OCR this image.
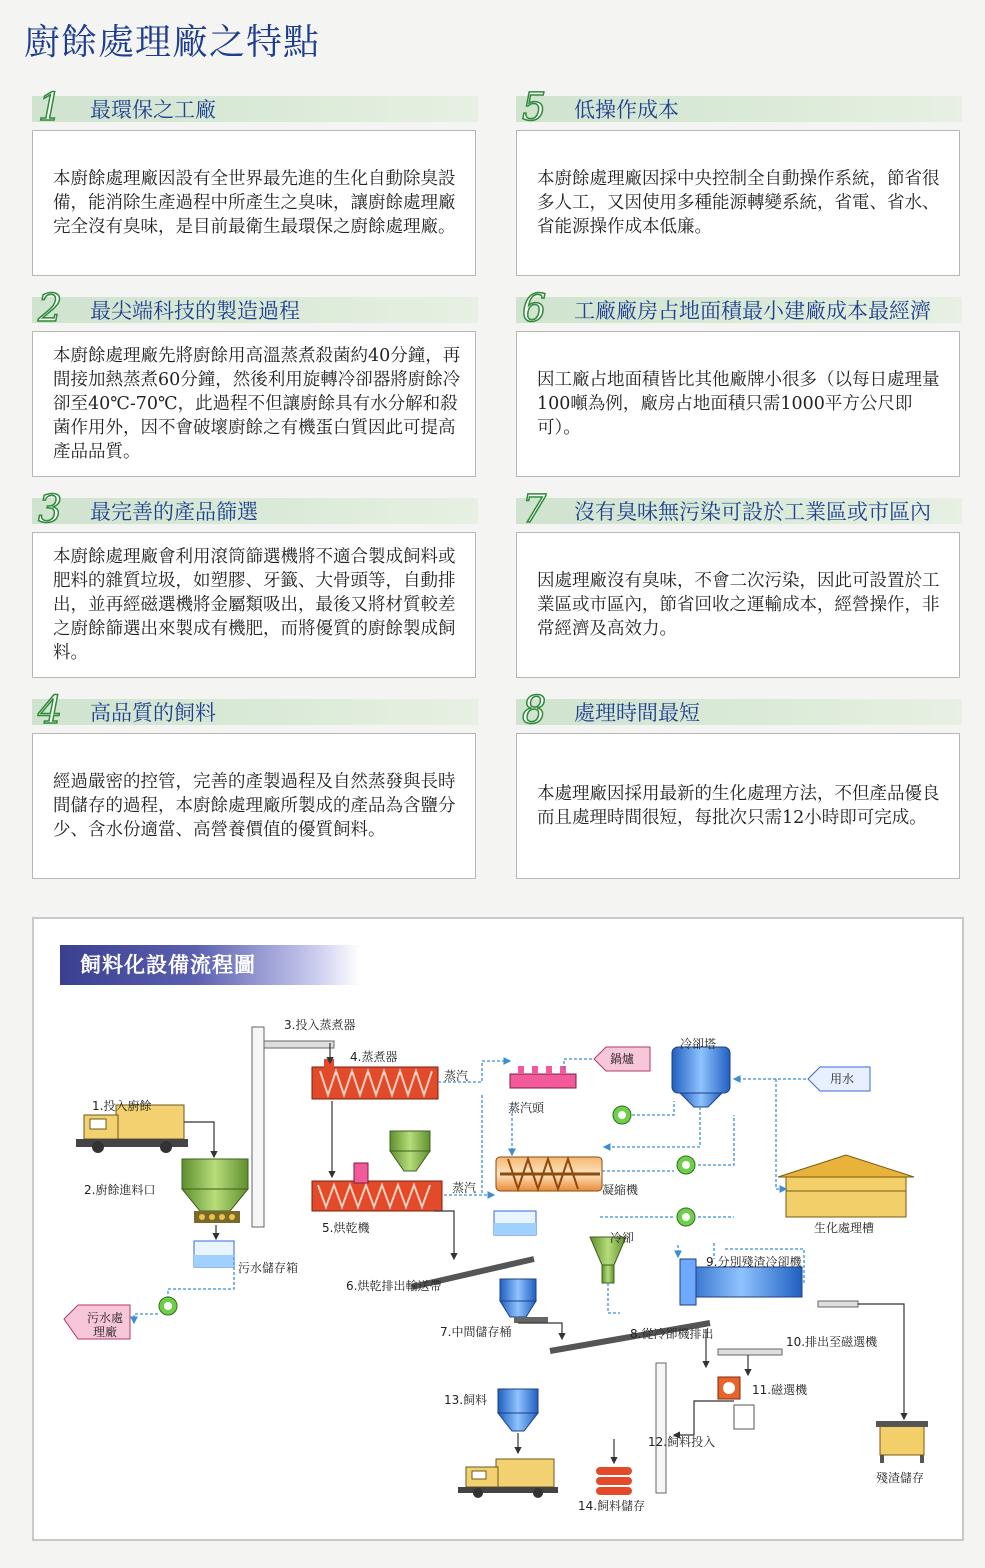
廚餘處理廠之特點
1 最環保之工廠
本廚餘處理廠因設有全世界最先進的生化自動除臭設備，能消除生產過程中所產生之臭味，讓廚餘處理廠完全沒有臭味，是目前最衛生最環保之廚餘處理廠。
2 最尖端科技的製造過程
本廚餘處理廠先將廚餘用高溫蒸煮殺菌約40分鐘，再間接加熱蒸煮60分鐘，然後利用旋轉冷卻器將廚餘冷卻至40℃-70℃，此過程不但讓廚餘具有水分解和殺菌作用外，因不會破壞廚餘之有機蛋白質因此可提高產品品質。
3 最完善的產品篩選
本廚餘處理廠會利用滾筒篩選機將不適合製成飼料或肥料的雜質垃圾，如塑膠、牙籤、大骨頭等，自動排出，並再經磁選機將金屬類吸出，最後又將材質較差之廚餘篩選出來製成有機肥，而將優質的廚餘製成飼料。
4 高品質的飼料
經過嚴密的控管，完善的產製過程及自然蒸發與長時間儲存的過程，本廚餘處理廠所製成的產品為含鹽分少、含水份適當、高營養價值的優質飼料。
5 低操作成本
本廚餘處理廠因採中央控制全自動操作系統，節省很多人工，又因使用多種能源轉變系統，省電、省水、省能源操作成本低廉。
6 工廠廠房占地面積最小建廠成本最經濟
因工廠占地面積皆比其他廠牌小很多（以每日處理量100噸為例，廠房占地面積只需1000平方公尺即可）。
7 沒有臭味無污染可設於工業區或市區內
因處理廠沒有臭味，不會二次污染，因此可設置於工業區或市區內，節省回收之運輸成本，經營操作，非常經濟及高效力。
8 處理時間最短
本處理廠因採用最新的生化處理方法，不但產品優良而且處理時間很短，每批次只需12小時即可完成。
飼料化設備流程圖
3.投入蒸煮器
4.蒸煮器
1.投入廚餘
2.廚餘進料口
5.烘乾機
6.烘乾排出輸送帶
7.中間儲存桶	8.從冷卻機排出
9.分別殘渣冷卻機
10.排出至磁選機
11.磁選機
12.飼料投入
13.飼料
14.飼料儲存
蒸汽
蒸汽
蒸汽頭
冷卻塔
凝縮機
冷卻
生化處理槽
污水儲存箱
殘渣儲存
鍋爐
用水
污水處理廠
